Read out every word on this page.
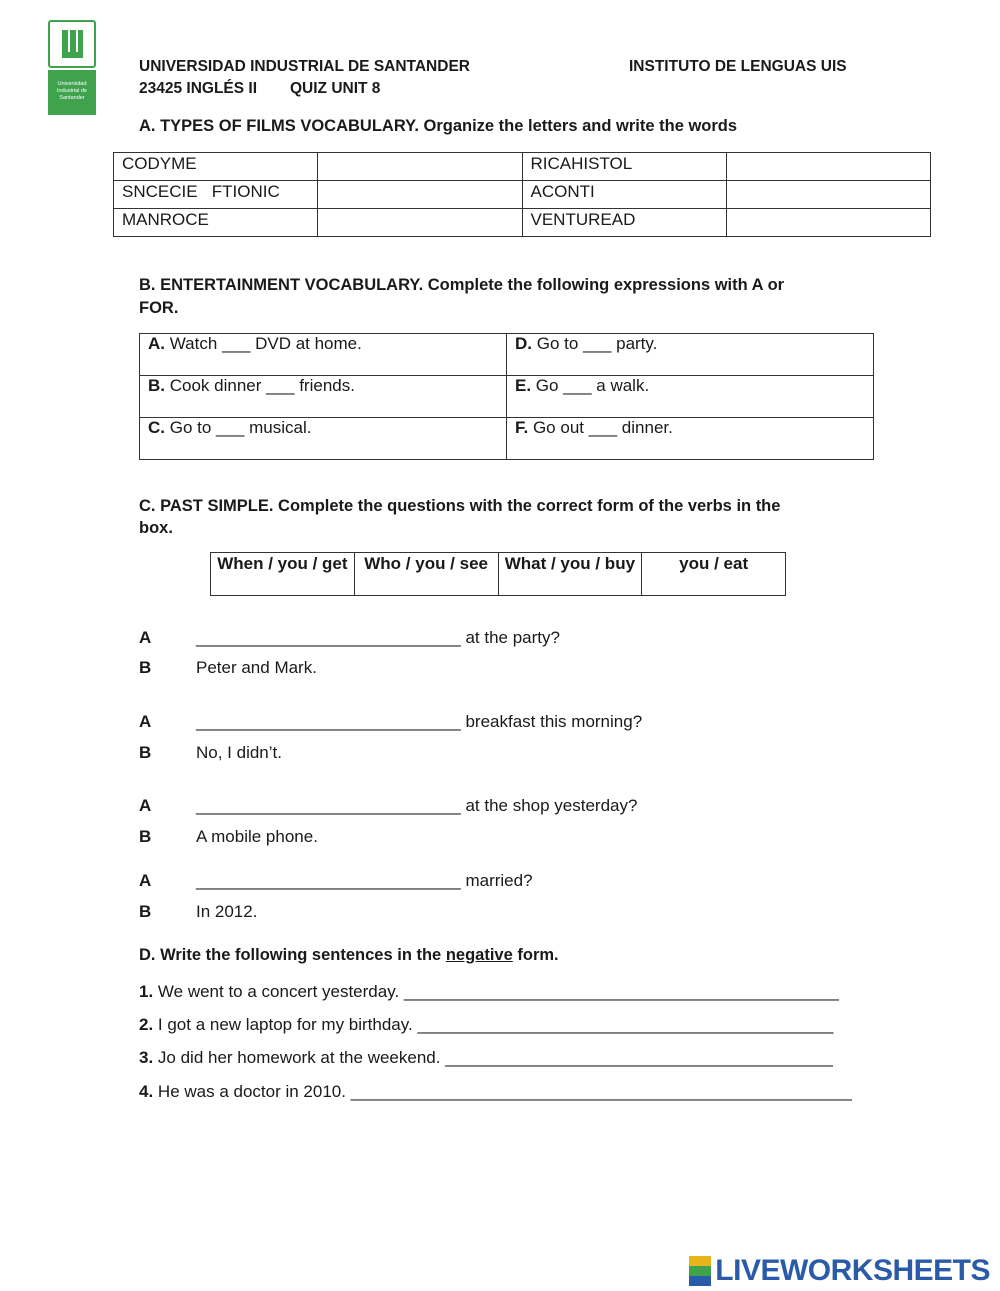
Universidad Industrial de Santander
UNIVERSIDAD INDUSTRIAL DE SANTANDER	INSTITUTO DE LENGUAS UIS
23425 INGLÉS II QUIZ UNIT 8
A. TYPES OF FILMS VOCABULARY. Organize the letters and write the words
CODYME		RICAHISTOL	
SNCECIE   FTIONIC		ACONTI	
MANROCE		VENTUREAD	
B. ENTERTAINMENT VOCABULARY. Complete the following expressions with A or
FOR.
A. Watch ___ DVD at home.	D. Go to ___ party.
B. Cook dinner ___ friends.	E. Go ___ a walk.
C. Go to ___ musical.	F. Go out ___ dinner.
C. PAST SIMPLE. Complete the questions with the correct form of the verbs in the
box.
When / you / get	Who / you / see	What / you / buy	you / eat
A	____________________________ at the party?
B	Peter and Mark.
A	____________________________ breakfast this morning?
B	No, I didn’t.
A	____________________________ at the shop yesterday?
B	A mobile phone.
A	____________________________ married?
B	In 2012.
D. Write the following sentences in the negative form.
1. We went to a concert yesterday. ______________________________________________
2. I got a new laptop for my birthday. ____________________________________________
3. Jo did her homework at the weekend. _________________________________________
4. He was a doctor in 2010. _____________________________________________________
LIVEWORKSHEETS
